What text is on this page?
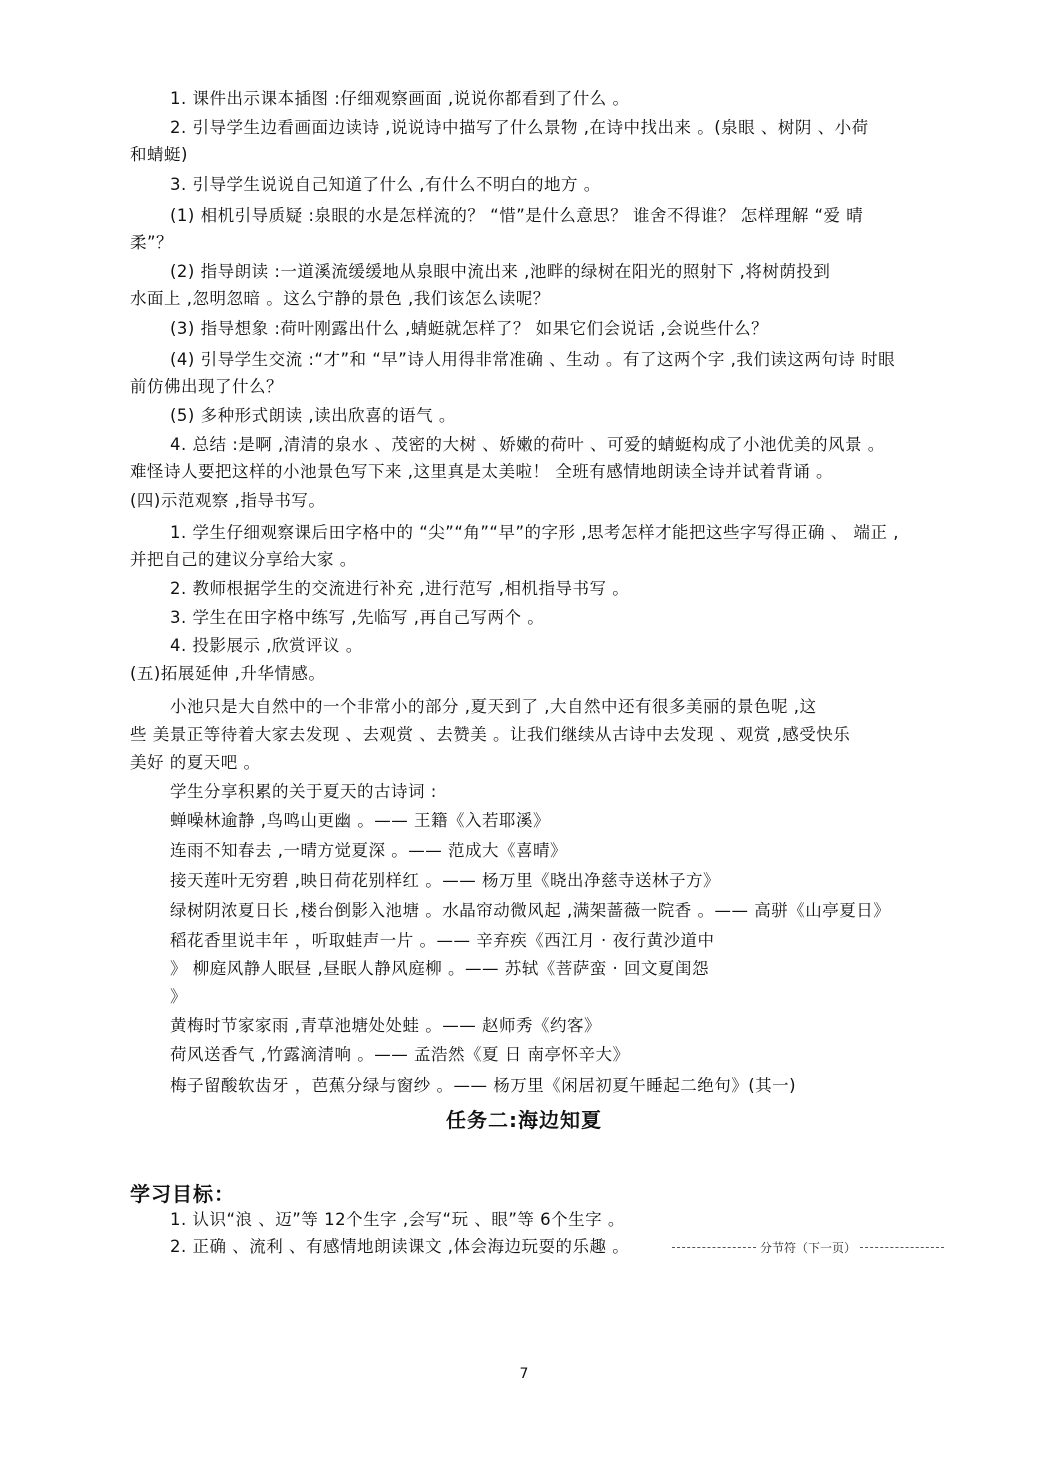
1. 课件出示课本插图 :仔细观察画面 ,说说你都看到了什么 。
2. 引导学生边看画面边读诗 ,说说诗中描写了什么景物 ,在诗中找出来 。(泉眼 、树阴 、小荷
和蜻蜓)
3. 引导学生说说自己知道了什么 ,有什么不明白的地方 。
(1) 相机引导质疑 :泉眼的水是怎样流的？ “惜”是什么意思？ 谁舍不得谁？ 怎样理解 “爱 晴
柔”？
(2) 指导朗读 :一道溪流缓缓地从泉眼中流出来 ,池畔的绿树在阳光的照射下 ,将树荫投到
水面上 ,忽明忽暗 。这么宁静的景色 ,我们该怎么读呢？
(3) 指导想象 :荷叶刚露出什么 ,蜻蜓就怎样了？ 如果它们会说话 ,会说些什么？
(4) 引导学生交流 :“才”和 “早”诗人用得非常准确 、生动 。有了这两个字 ,我们读这两句诗 时眼
前仿佛出现了什么？
(5) 多种形式朗读 ,读出欣喜的语气 。
4. 总结 :是啊 ,清清的泉水 、茂密的大树 、娇嫩的荷叶 、可爱的蜻蜓构成了小池优美的风景 。
难怪诗人要把这样的小池景色写下来 ,这里真是太美啦！ 全班有感情地朗读全诗并试着背诵 。
(四)示范观察 ,指导书写。
1. 学生仔细观察课后田字格中的 “尖”“角”“早”的字形 ,思考怎样才能把这些字写得正确 、 端正 ,
并把自己的建议分享给大家 。
2. 教师根据学生的交流进行补充 ,进行范写 ,相机指导书写 。
3. 学生在田字格中练写 ,先临写 ,再自己写两个 。
4. 投影展示 ,欣赏评议 。
(五)拓展延伸 ,升华情感。
小池只是大自然中的一个非常小的部分 ,夏天到了 ,大自然中还有很多美丽的景色呢 ,这
些 美景正等待着大家去发现 、去观赏 、去赞美 。让我们继续从古诗中去发现 、观赏 ,感受快乐
美好 的夏天吧 。
学生分享积累的关于夏天的古诗词 :
蝉噪林逾静 ,鸟鸣山更幽 。—— 王籍《入若耶溪》
连雨不知春去 ,一晴方觉夏深 。—— 范成大《喜晴》
接天莲叶无穷碧 ,映日荷花别样红 。—— 杨万里《晓出净慈寺送林子方》
绿树阴浓夏日长 ,楼台倒影入池塘 。水晶帘动微风起 ,满架蔷薇一院香 。—— 高骈《山亭夏日》
稻花香里说丰年 ，听取蛙声一片 。—— 辛弃疾《西江月 · 夜行黄沙道中
》 柳庭风静人眠昼 ,昼眠人静风庭柳 。—— 苏轼《菩萨蛮 · 回文夏闺怨
》
黄梅时节家家雨 ,青草池塘处处蛙 。—— 赵师秀《约客》
荷风送香气 ,竹露滴清响 。—— 孟浩然《夏 日 南亭怀辛大》
梅子留酸软齿牙 ，芭蕉分绿与窗纱 。—— 杨万里《闲居初夏午睡起二绝句》(其一)
任务二:海边知夏
学习目标：
1. 认识“浪 、迈”等 12个生字 ,会写“玩 、眼”等 6个生字 。
2. 正确 、流利 、有感情地朗读课文 ,体会海边玩耍的乐趣 。	分节符（下一页）
7
